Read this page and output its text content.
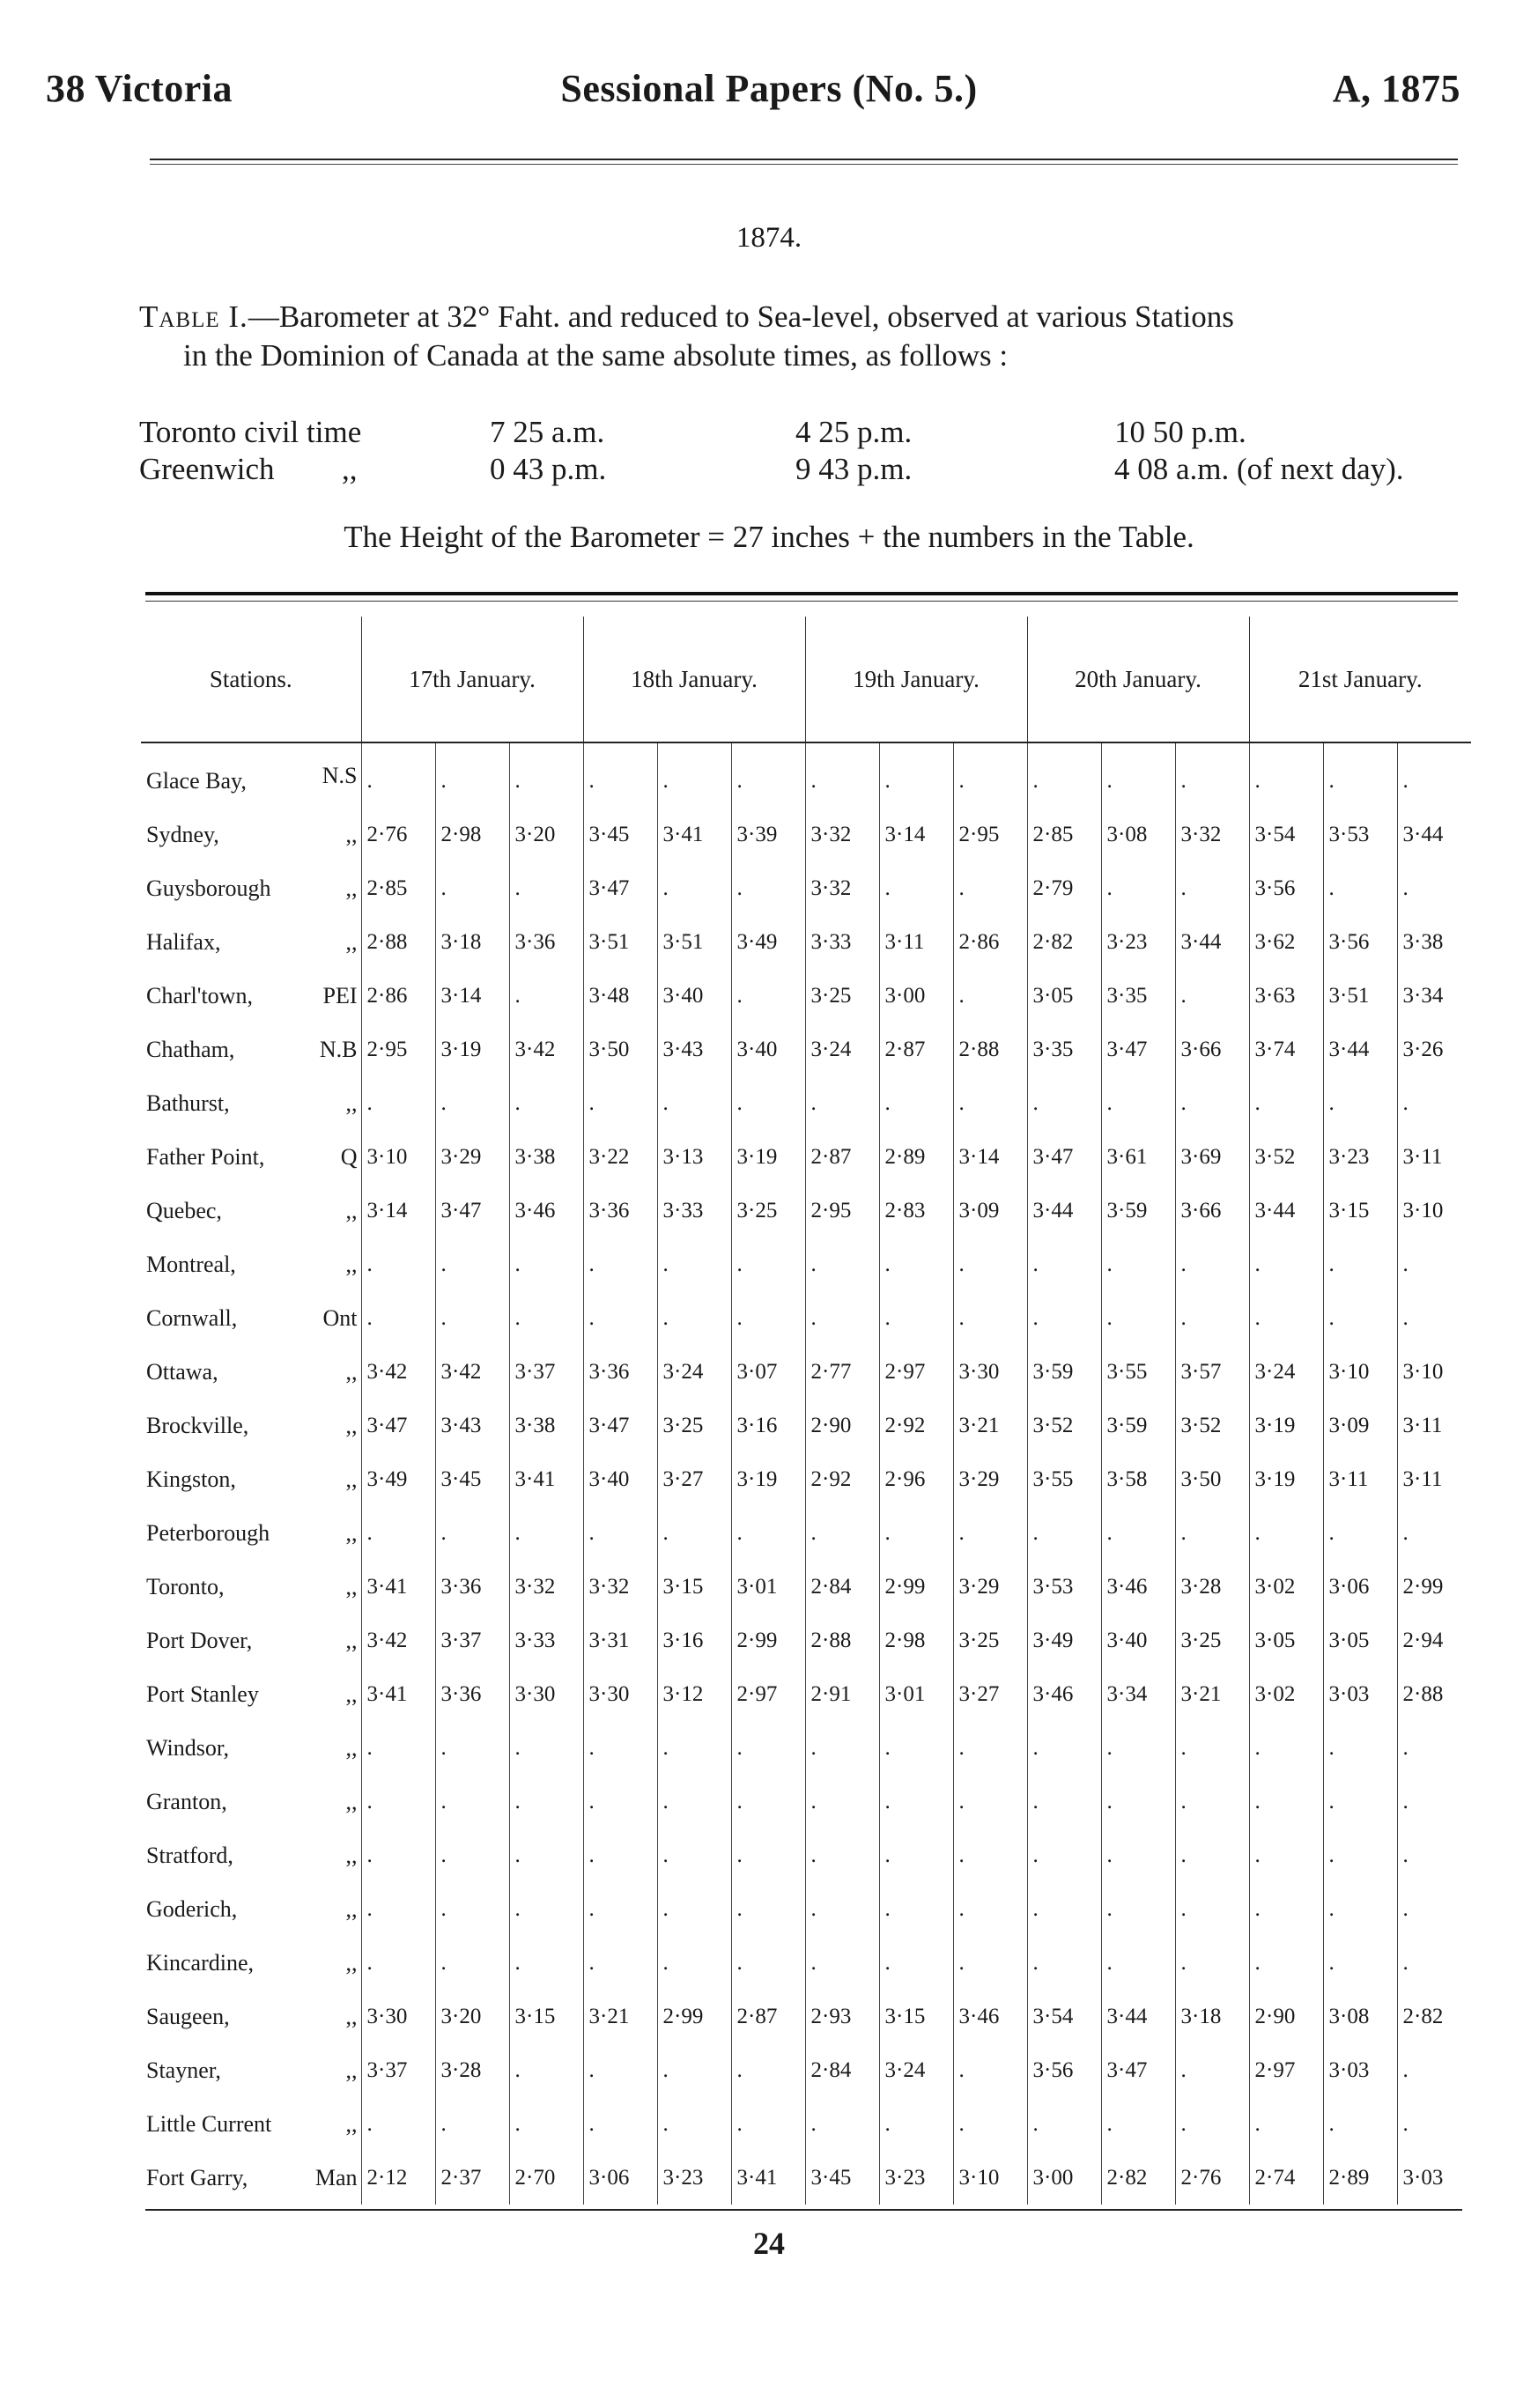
38 Victoria	Sessional Papers (No. 5.)	A, 1875
1874.
Table I.—Barometer at 32° Faht. and reduced to Sea-level, observed at various Stations
in the Dominion of Canada at the same absolute times, as follows :
Toronto civil time	7 25 a.m.	4 25 p.m.	10 50 p.m.
Greenwich ,,	0 43 p.m.	9 43 p.m.	4 08 a.m. (of next day).
The Height of the Barometer = 27 inches + the numbers in the Table.
Stations.	17th January.			18th January.			19th January.			20th January.			21st January.		
Glace Bay, N.S	.	.	.	.	.	.	.	.	.	.	.	.	.	.	.
Sydney, ,,	2·76	2·98	3·20	3·45	3·41	3·39	3·32	3·14	2·95	2·85	3·08	3·32	3·54	3·53	3·44
Guysborough ,,	2·85	.	.	3·47	.	.	3·32	.	.	2·79	.	.	3·56	.	.
Halifax, ,,	2·88	3·18	3·36	3·51	3·51	3·49	3·33	3·11	2·86	2·82	3·23	3·44	3·62	3·56	3·38
Charl'town, PEI	2·86	3·14	.	3·48	3·40	.	3·25	3·00	.	3·05	3·35	.	3·63	3·51	3·34
Chatham, N.B	2·95	3·19	3·42	3·50	3·43	3·40	3·24	2·87	2·88	3·35	3·47	3·66	3·74	3·44	3·26
Bathurst, ,,	.	.	.	.	.	.	.	.	.	.	.	.	.	.	.
Father Point, Q	3·10	3·29	3·38	3·22	3·13	3·19	2·87	2·89	3·14	3·47	3·61	3·69	3·52	3·23	3·11
Quebec, ,,	3·14	3·47	3·46	3·36	3·33	3·25	2·95	2·83	3·09	3·44	3·59	3·66	3·44	3·15	3·10
Montreal, ,,	.	.	.	.	.	.	.	.	.	.	.	.	.	.	.
Cornwall, Ont	.	.	.	.	.	.	.	.	.	.	.	.	.	.	.
Ottawa, ,,	3·42	3·42	3·37	3·36	3·24	3·07	2·77	2·97	3·30	3·59	3·55	3·57	3·24	3·10	3·10
Brockville, ,,	3·47	3·43	3·38	3·47	3·25	3·16	2·90	2·92	3·21	3·52	3·59	3·52	3·19	3·09	3·11
Kingston, ,,	3·49	3·45	3·41	3·40	3·27	3·19	2·92	2·96	3·29	3·55	3·58	3·50	3·19	3·11	3·11
Peterborough ,,	.	.	.	.	.	.	.	.	.	.	.	.	.	.	.
Toronto, ,,	3·41	3·36	3·32	3·32	3·15	3·01	2·84	2·99	3·29	3·53	3·46	3·28	3·02	3·06	2·99
Port Dover, ,,	3·42	3·37	3·33	3·31	3·16	2·99	2·88	2·98	3·25	3·49	3·40	3·25	3·05	3·05	2·94
Port Stanley ,,	3·41	3·36	3·30	3·30	3·12	2·97	2·91	3·01	3·27	3·46	3·34	3·21	3·02	3·03	2·88
Windsor, ,,	.	.	.	.	.	.	.	.	.	.	.	.	.	.	.
Granton, ,,	.	.	.	.	.	.	.	.	.	.	.	.	.	.	.
Stratford, ,,	.	.	.	.	.	.	.	.	.	.	.	.	.	.	.
Goderich, ,,	.	.	.	.	.	.	.	.	.	.	.	.	.	.	.
Kincardine, ,,	.	.	.	.	.	.	.	.	.	.	.	.	.	.	.
Saugeen, ,,	3·30	3·20	3·15	3·21	2·99	2·87	2·93	3·15	3·46	3·54	3·44	3·18	2·90	3·08	2·82
Stayner, ,,	3·37	3·28	.	.	.	.	2·84	3·24	.	3·56	3·47	.	2·97	3·03	.
Little Current ,,	.	.	.	.	.	.	.	.	.	.	.	.	.	.	.
Fort Garry, Man	2·12	2·37	2·70	3·06	3·23	3·41	3·45	3·23	3·10	3·00	2·82	2·76	2·74	2·89	3·03
24
